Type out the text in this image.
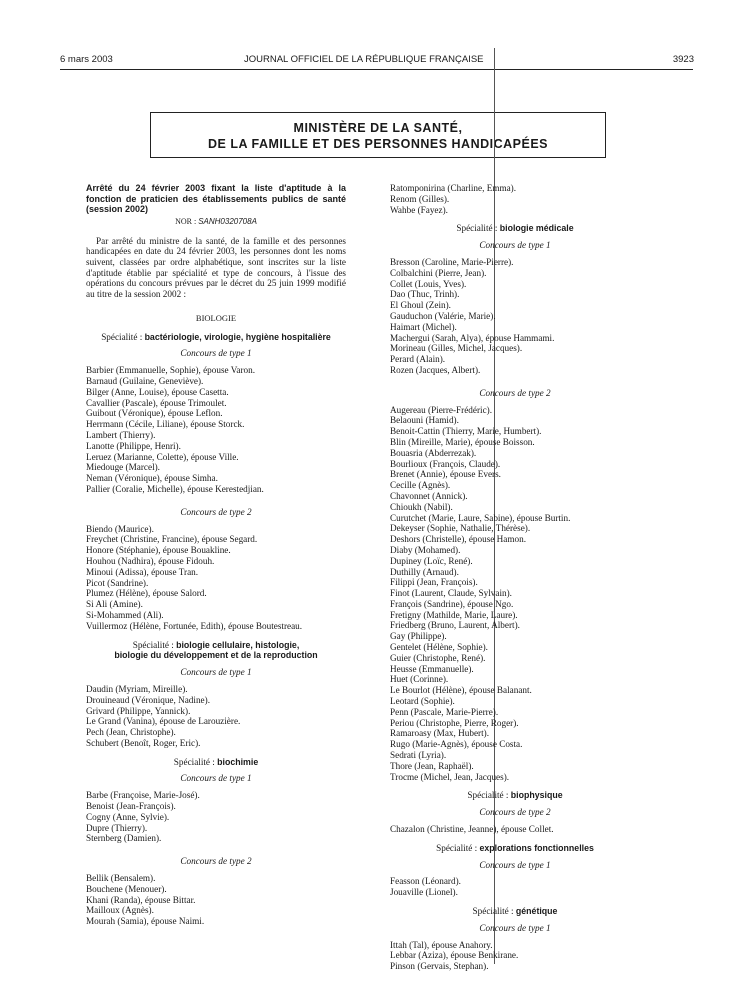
6 mars 2003	JOURNAL OFFICIEL DE LA RÉPUBLIQUE FRANÇAISE	3923
MINISTÈRE DE LA SANTÉ,
DE LA FAMILLE ET DES PERSONNES HANDICAPÉES
Arrêté du 24 février 2003 fixant la liste d'aptitude à la fonction de praticien des établissements publics de santé (session 2002)
NOR : SANH0320708A
Par arrêté du ministre de la santé, de la famille et des personnes handicapées en date du 24 février 2003, les personnes dont les noms suivent, classées par ordre alphabétique, sont inscrites sur la liste d'aptitude établie par spécialité et type de concours, à l'issue des opérations du concours prévues par le décret du 25 juin 1999 modifié au titre de la session 2002 :
BIOLOGIE
Spécialité : bactériologie, virologie, hygiène hospitalière
Concours de type 1
Barbier (Emmanuelle, Sophie), épouse Varon.
Barnaud (Guilaine, Geneviève).
Bilger (Anne, Louise), épouse Casetta.
Cavallier (Pascale), épouse Trimoulet.
Guibout (Véronique), épouse Leflon.
Herrmann (Cécile, Liliane), épouse Storck.
Lambert (Thierry).
Lanotte (Philippe, Henri).
Leruez (Marianne, Colette), épouse Ville.
Miedouge (Marcel).
Neman (Véronique), épouse Simha.
Pallier (Coralie, Michelle), épouse Kerestedjian.
Concours de type 2
Biendo (Maurice).
Freychet (Christine, Francine), épouse Segard.
Honore (Stéphanie), épouse Bouakline.
Houhou (Nadhira), épouse Fidouh.
Minoui (Adissa), épouse Tran.
Picot (Sandrine).
Plumez (Hélène), épouse Salord.
Si Ali (Amine).
Si-Mohammed (Ali).
Vuillermoz (Hélène, Fortunée, Edith), épouse Boutestreau.
Spécialité : biologie cellulaire, histologie,
biologie du développement et de la reproduction
Concours de type 1
Daudin (Myriam, Mireille).
Drouineaud (Véronique, Nadine).
Grivard (Philippe, Yannick).
Le Grand (Vanina), épouse de Larouzière.
Pech (Jean, Christophe).
Schubert (Benoît, Roger, Eric).
Spécialité : biochimie
Concours de type 1
Barbe (Françoise, Marie-José).
Benoist (Jean-François).
Cogny (Anne, Sylvie).
Dupre (Thierry).
Sternberg (Damien).
Concours de type 2
Bellik (Bensalem).
Bouchene (Menouer).
Khani (Randa), épouse Bittar.
Mailloux (Agnès).
Mourah (Samia), épouse Naimi.
Ratomponirina (Charline, Emma).
Renom (Gilles).
Wahbe (Fayez).
Spécialité : biologie médicale
Concours de type 1
Bresson (Caroline, Marie-Pierre).
Colbalchini (Pierre, Jean).
Collet (Louis, Yves).
Dao (Thuc, Trinh).
El Ghoul (Zein).
Gauduchon (Valérie, Marie).
Haimart (Michel).
Machergui (Sarah, Alya), épouse Hammami.
Morineau (Gilles, Michel, Jacques).
Perard (Alain).
Rozen (Jacques, Albert).
Concours de type 2
Augereau (Pierre-Frédéric).
Belaouni (Hamid).
Benoit-Cattin (Thierry, Marie, Humbert).
Blin (Mireille, Marie), épouse Boisson.
Bouasria (Abderrezak).
Bourlioux (François, Claude).
Brenet (Annie), épouse Evers.
Cecille (Agnès).
Chavonnet (Annick).
Chioukh (Nabil).
Curutchet (Marie, Laure, Sabine), épouse Burtin.
Dekeyser (Sophie, Nathalie, Thérèse).
Deshors (Christelle), épouse Hamon.
Diaby (Mohamed).
Dupiney (Loïc, René).
Duthilly (Arnaud).
Filippi (Jean, François).
Finot (Laurent, Claude, Sylvain).
François (Sandrine), épouse Ngo.
Fretigny (Mathilde, Marie, Laure).
Friedberg (Bruno, Laurent, Albert).
Gay (Philippe).
Gentelet (Hélène, Sophie).
Guier (Christophe, René).
Heusse (Emmanuelle).
Huet (Corinne).
Le Bourlot (Hélène), épouse Balanant.
Leotard (Sophie).
Penn (Pascale, Marie-Pierre).
Periou (Christophe, Pierre, Roger).
Ramaroasy (Max, Hubert).
Rugo (Marie-Agnès), épouse Costa.
Sedrati (Lyria).
Thore (Jean, Raphaël).
Trocme (Michel, Jean, Jacques).
Spécialité : biophysique
Concours de type 2
Chazalon (Christine, Jeanne), épouse Collet.
Spécialité : explorations fonctionnelles
Concours de type 1
Feasson (Léonard).
Jouaville (Lionel).
Spécialité : génétique
Concours de type 1
Ittah (Tal), épouse Anahory.
Lebbar (Aziza), épouse Benkirane.
Pinson (Gervais, Stephan).
